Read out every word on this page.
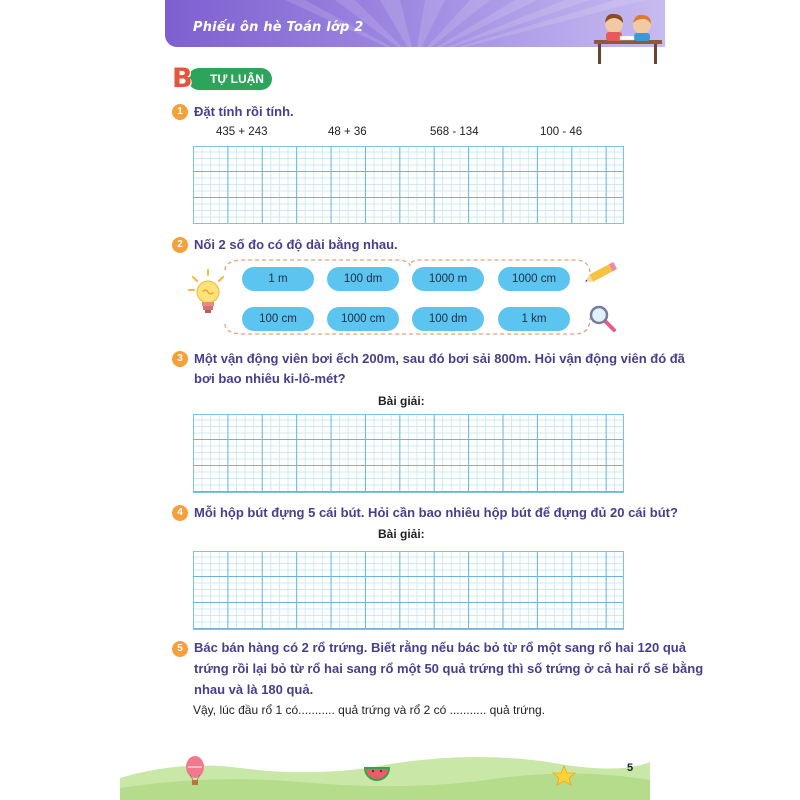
Phiếu ôn hè Toán lớp 2
TỰ LUẬN
B
1 Đặt tính rồi tính.
435 + 243	48 + 36	568 - 134	100 - 46
2 Nối 2 số đo có độ dài bằng nhau.
1 m	100 dm	1000 m	1000 cm
100 cm	1000 cm	100 dm	1 km
3 Một vận động viên bơi ếch 200m, sau đó bơi sải 800m. Hỏi vận động viên đó đã
bơi bao nhiêu ki-lô-mét?
Bài giải:
4 Mỗi hộp bút đựng 5 cái bút. Hỏi cần bao nhiêu hộp bút để đựng đủ 20 cái bút?
Bài giải:
5 Bác bán hàng có 2 rổ trứng. Biết rằng nếu bác bỏ từ rổ một sang rổ hai 120 quả
trứng rồi lại bỏ từ rổ hai sang rổ một 50 quả trứng thì số trứng ở cả hai rổ sẽ bằng
nhau và là 180 quả.
Vậy, lúc đầu rổ 1 có........... quả trứng và rổ 2 có ........... quả trứng.
5
